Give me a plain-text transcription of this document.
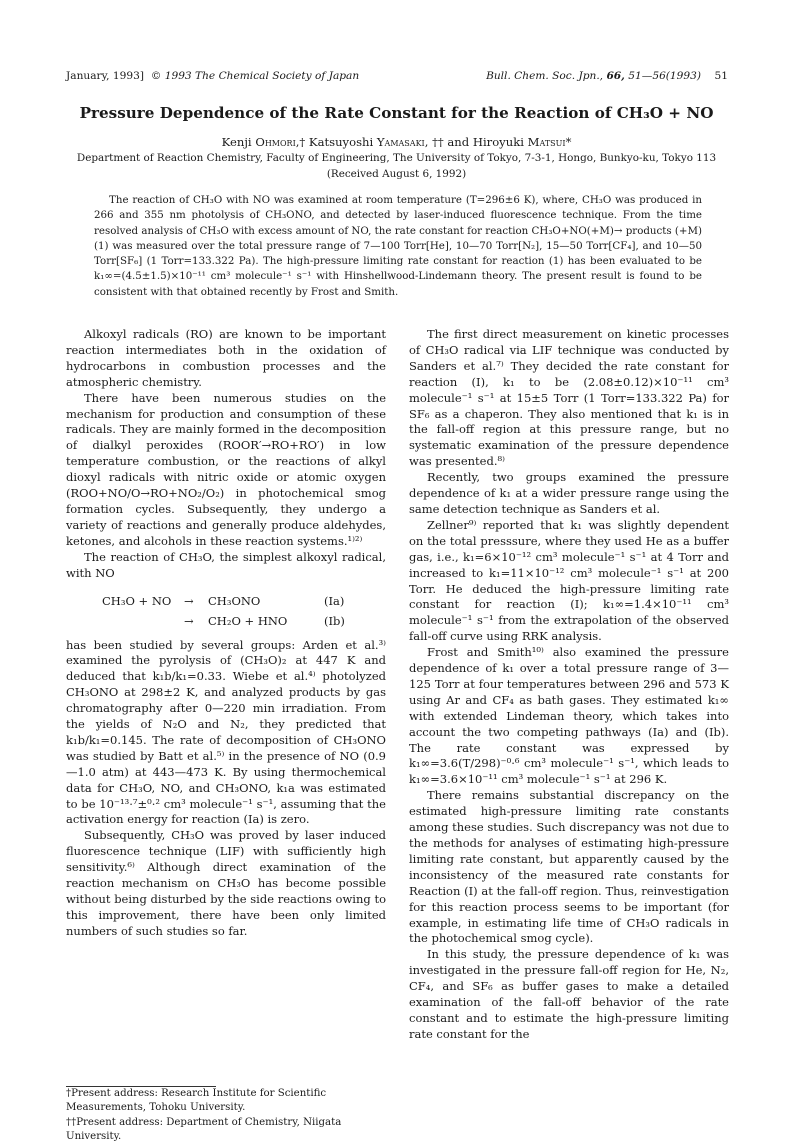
January, 1993] © 1993 The Chemical Society of Japan	Bull. Chem. Soc. Jpn., 66, 51—56(1993) 51
Pressure Dependence of the Rate Constant for the Reaction of CH₃O + NO
Kenji Ohmori,† Katsuyoshi Yamasaki, †† and Hiroyuki Matsui*
Department of Reaction Chemistry, Faculty of Engineering, The University of Tokyo, 7-3-1, Hongo, Bunkyo-ku, Tokyo 113
(Received August 6, 1992)
The reaction of CH₃O with NO was examined at room temperature (T=296±6 K), where, CH₃O was produced in 266 and 355 nm photolysis of CH₃ONO, and detected by laser-induced fluorescence technique. From the time resolved analysis of CH₃O with excess amount of NO, the rate constant for reaction CH₃O+NO(+M)→ products (+M) (1) was measured over the total pressure range of 7—100 Torr[He], 10—70 Torr[N₂], 15—50 Torr[CF₄], and 10—50 Torr[SF₆] (1 Torr=133.322 Pa). The high-pressure limiting rate constant for reaction (1) has been evaluated to be k₁∞=(4.5±1.5)×10⁻¹¹ cm³ molecule⁻¹ s⁻¹ with Hinshellwood-Lindemann theory. The present result is found to be consistent with that obtained recently by Frost and Smith.

Alkoxyl radicals (RO) are known to be important reaction intermediates both in the oxidation of hydrocarbons in combustion processes and the atmospheric chemistry.

There have been numerous studies on the mechanism for production and consumption of these radicals. They are mainly formed in the decomposition of dialkyl peroxides (ROOR′→RO+RO′) in low temperature combustion, or the reactions of alkyl dioxyl radicals with nitric oxide or atomic oxygen (ROO+NO/O→RO+NO₂/O₂) in photochemical smog formation cycles. Subsequently, they undergo a variety of reactions and generally produce aldehydes, ketones, and alcohols in these reaction systems.¹⁾²⁾

The reaction of CH₃O, the simplest alkoxyl radical, with NO

CH₃O + NO → CH₃ONO	(Ia)
→ CH₂O + HNO	(Ib)

has been studied by several groups: Arden et al.³⁾ examined the pyrolysis of (CH₃O)₂ at 447 K and deduced that k₁b/k₁=0.33. Wiebe et al.⁴⁾ photolyzed CH₃ONO at 298±2 K, and analyzed products by gas chromatography after 0—220 min irradiation. From the yields of N₂O and N₂, they predicted that k₁b/k₁=0.145. The rate of decomposition of CH₃ONO was studied by Batt et al.⁵⁾ in the presence of NO (0.9—1.0 atm) at 443—473 K. By using thermochemical data for CH₃O, NO, and CH₃ONO, k₁a was estimated to be 10⁻¹³·⁷±⁰·² cm³ molecule⁻¹ s⁻¹, assuming that the activation energy for reaction (Ia) is zero.

Subsequently, CH₃O was proved by laser induced fluorescence technique (LIF) with sufficiently high sensitivity.⁶⁾ Although direct examination of the reaction mechanism on CH₃O has become possible without being disturbed by the side reactions owing to this improvement, there have been only limited numbers of such studies so far.

†Present address: Research Institute for Scientific Measurements, Tohoku University.
††Present address: Department of Chemistry, Niigata University.

The first direct measurement on kinetic processes of CH₃O radical via LIF technique was conducted by Sanders et al.⁷⁾ They decided the rate constant for reaction (I), k₁ to be (2.08±0.12)×10⁻¹¹ cm³ molecule⁻¹ s⁻¹ at 15±5 Torr (1 Torr=133.322 Pa) for SF₆ as a chaperon. They also mentioned that k₁ is in the fall-off region at this pressure range, but no systematic examination of the pressure dependence was presented.⁸⁾

Recently, two groups examined the pressure dependence of k₁ at a wider pressure range using the same detection technique as Sanders et al.

Zellner⁹⁾ reported that k₁ was slightly dependent on the total presssure, where they used He as a buffer gas, i.e., k₁=6×10⁻¹² cm³ molecule⁻¹ s⁻¹ at 4 Torr and increased to k₁=11×10⁻¹² cm³ molecule⁻¹ s⁻¹ at 200 Torr. He deduced the high-pressure limiting rate constant for reaction (I); k₁∞=1.4×10⁻¹¹ cm³ molecule⁻¹ s⁻¹ from the extrapolation of the observed fall-off curve using RRK analysis.

Frost and Smith¹⁰⁾ also examined the pressure dependence of k₁ over a total pressure range of 3—125 Torr at four temperatures between 296 and 573 K using Ar and CF₄ as bath gases. They estimated k₁∞ with extended Lindeman theory, which takes into account the two competing pathways (Ia) and (Ib). The rate constant was expressed by k₁∞=3.6(T/298)⁻⁰·⁶ cm³ molecule⁻¹ s⁻¹, which leads to k₁∞=3.6×10⁻¹¹ cm³ molecule⁻¹ s⁻¹ at 296 K.

There remains substantial discrepancy on the estimated high-pressure limiting rate constants among these studies. Such discrepancy was not due to the methods for analyses of estimating high-pressure limiting rate constant, but apparently caused by the inconsistency of the measured rate constants for Reaction (I) at the fall-off region. Thus, reinvestigation for this reaction process seems to be important (for example, in estimating life time of CH₃O radicals in the photochemical smog cycle).

In this study, the pressure dependence of k₁ was investigated in the pressure fall-off region for He, N₂, CF₄, and SF₆ as buffer gases to make a detailed examination of the fall-off behavior of the rate constant and to estimate the high-pressure limiting rate constant for the
